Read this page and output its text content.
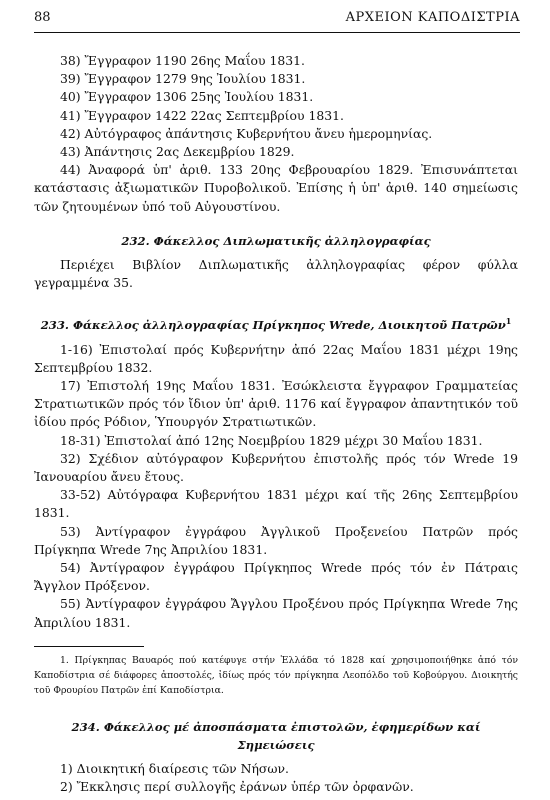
88	ΑΡΧΕΙΟΝ ΚΑΠΟΔΙΣΤΡΙΑ

38) Ἔγγραφον 1190 26ης Μαΐου 1831.

39) Ἔγγραφον 1279 9ης Ἰουλίου 1831.

40) Ἔγγραφον 1306 25ης Ἰουλίου 1831.

41) Ἔγγραφον 1422 22ας Σεπτεμβρίου 1831.

42) Αὐτόγραφος ἀπάντησις Κυβερνήτου ἄνευ ἡμερομηνίας.

43) Ἀπάντησις 2ας Δεκεμβρίου 1829.

44) Ἀναφορά ὑπ' ἀριθ. 133 20ης Φεβρουαρίου 1829. Ἐπισυνάπτεται κατάστασις ἀξιωματικῶν Πυροβολικοῦ. Ἐπίσης ἡ ὑπ' ἀριθ. 140 σημείωσις τῶν ζητουμένων ὑπό τοῦ Αὐγουστίνου.

232. Φάκελλος Διπλωματικῆς ἀλληλογραφίας

Περιέχει Βιβλίον Διπλωματικῆς ἀλληλογραφίας φέρον φύλλα γεγραμμένα 35.

233. Φάκελλος ἀλληλογραφίας Πρίγκηπος Wrede, Διοικητοῦ Πατρῶν$^1$

1-16) Ἐπιστολαί πρός Κυβερνήτην ἀπό 22ας Μαΐου 1831 μέχρι 19ης Σεπτεμβρίου 1832.

17) Ἐπιστολή 19ης Μαΐου 1831. Ἐσώκλειστα ἔγγραφον Γραμματείας Στρατιωτικῶν πρός τόν ἴδιον ὑπ' ἀριθ. 1176 καί ἔγγραφον ἀπαντητικόν τοῦ ἰδίου πρός Ρόδιον, Ὑπουργόν Στρατιωτικῶν.

18-31) Ἐπιστολαί ἀπό 12ης Νοεμβρίου 1829 μέχρι 30 Μαΐου 1831.

32) Σχέδιον αὐτόγραφον Κυβερνήτου ἐπιστολῆς πρός τόν Wrede 19 Ἰανουαρίου ἄνευ ἔτους.

33-52) Αὐτόγραφα Κυβερνήτου 1831 μέχρι καί τῆς 26ης Σεπτεμβρίου 1831.

53) Ἀντίγραφον ἐγγράφου Ἀγγλικοῦ Προξενείου Πατρῶν πρός Πρίγκηπα Wrede 7ης Ἀπριλίου 1831.

54) Ἀντίγραφον ἐγγράφου Πρίγκηπος Wrede πρός τόν ἐν Πάτραις Ἄγγλον Πρόξενον.

55) Ἀντίγραφον ἐγγράφου Ἄγγλου Προξένου πρός Πρίγκηπα Wrede 7ης Ἀπριλίου 1831.

1. Πρίγκηπας Βαυαρός πού κατέφυγε στήν Ἑλλάδα τό 1828 καί χρησιμοποιήθηκε ἀπό τόν Καποδίστρια σέ διάφορες ἀποστολές, ἰδίως πρός τόν πρίγκηπα Λεοπόλδο τοῦ Κοβούργου. Διοικητής τοῦ Φρουρίου Πατρῶν ἐπί Καποδίστρια.

234. Φάκελλος μέ ἀποσπάσματα ἐπιστολῶν, ἐφημερίδων καί Σημειώσεις

1) Διοικητική διαίρεσις τῶν Νήσων.

2) Ἔκκλησις περί συλλογῆς ἐράνων ὑπέρ τῶν ὀρφανῶν.
